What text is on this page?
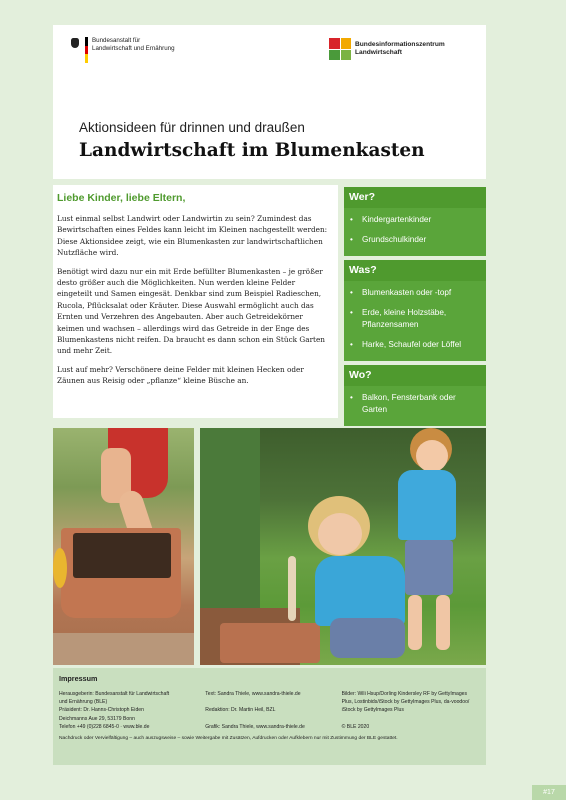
Bundesanstalt für
Landwirtschaft und Ernährung	Bundesinformationszentrum
Landwirtschaft
Aktionsideen für drinnen und draußen
Landwirtschaft im Blumenkasten
Liebe Kinder, liebe Eltern,

Lust einmal selbst Landwirt oder Landwirtin zu sein? Zumindest das Bewirtschaften eines Feldes kann leicht im Kleinen nachgestellt werden: Diese Aktionsidee zeigt, wie ein Blumenkasten zur landwirtschaftlichen Nutzfläche wird.

Benötigt wird dazu nur ein mit Erde befüllter Blumenkasten – je größer desto größer auch die Möglichkeiten. Nun werden kleine Felder eingeteilt und Samen eingesät. Denkbar sind zum Beispiel Radieschen, Rucola, Pflücksalat oder Kräuter. Diese Auswahl ermöglicht auch das Ernten und Verzehren des Angebauten. Aber auch Getreidekörner keimen und wachsen – allerdings wird das Getreide in der Enge des Blumenkastens nicht reifen. Da braucht es dann schon ein Stück Garten und mehr Zeit.

Lust auf mehr? Verschönere deine Felder mit kleinen Hecken oder Zäunen aus Reisig oder „pflanze“ kleine Büsche an.

Wer?
• Kindergartenkinder
• Grundschulkinder
Was?
• Blumenkasten oder -topf
• Erde, kleine Holzstäbe, Pflanzensamen
• Harke, Schaufel oder Löffel
Wo?
• Balkon, Fensterbank oder Garten
Impressum
Herausgeberin: Bundesanstalt für Landwirtschaft
und Ernährung (BLE)
Präsident: Dr. Hanns-Christoph Eiden
Deichmanns Aue 29, 53179 Bonn
Telefon +49 (0)228 6845-0 · www.ble.de
Text: Sandra Thiele, www.sandra-thiele.de

Redaktion: Dr. Martin Heil, BZL

Grafik: Sandra Thiele, www.sandra-thiele.de
Bilder: Wili Hsup/Dorling Kindersley RF by GettyImages
Plus, Lostinbids/iStock by GettyImages Plus, da-voodoo/
iStock by GettyImages Plus

© BLE 2020
Nachdruck oder Vervielfältigung – auch auszugsweise – sowie Weitergabe mit Zusätzen, Aufdrucken oder Aufklebern nur mit Zustimmung der BLE gestattet.
#17
